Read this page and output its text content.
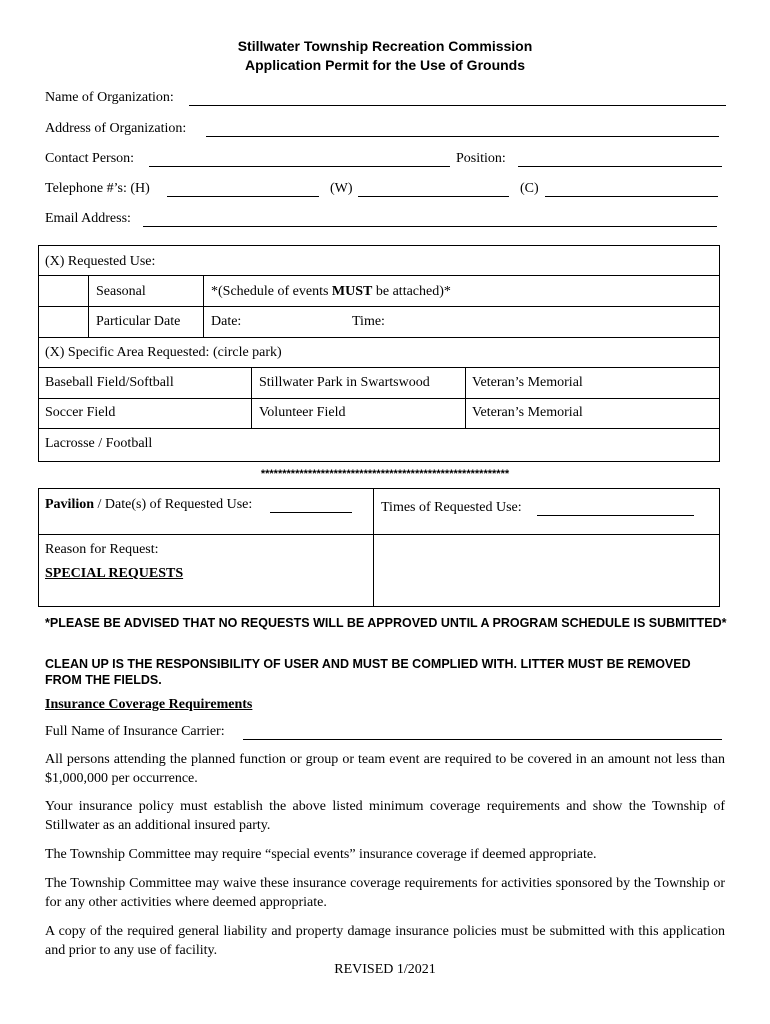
Stillwater Township Recreation Commission
Application Permit for the Use of Grounds
Name of Organization:
Address of Organization:
Contact Person:	Position:
Telephone #’s: (H)	(W)	(C)
Email Address:
(X) Requested Use:
Seasonal	*(Schedule of events MUST be attached)*
Particular Date Date:	Time:
(X) Specific Area Requested: (circle park)
Baseball Field/Softball	Stillwater Park in Swartswood	Veteran’s Memorial
Soccer Field	Volunteer Field	Veteran’s Memorial
Lacrosse / Football
**********************************************************
Pavilion / Date(s) of Requested Use:	Times of Requested Use:
Reason for Request:
SPECIAL REQUESTS
*PLEASE BE ADVISED THAT NO REQUESTS WILL BE APPROVED UNTIL A PROGRAM SCHEDULE IS SUBMITTED*
CLEAN UP IS THE RESPONSIBILITY OF USER AND MUST BE COMPLIED WITH. LITTER MUST BE REMOVED FROM THE FIELDS.
Insurance Coverage Requirements
Full Name of Insurance Carrier:
All persons attending the planned function or group or team event are required to be covered in an amount not less than $1,000,000 per occurrence.
Your insurance policy must establish the above listed minimum coverage requirements and show the Township of Stillwater as an additional insured party.
The Township Committee may require “special events” insurance coverage if deemed appropriate.
The Township Committee may waive these insurance coverage requirements for activities sponsored by the Township or for any other activities where deemed appropriate.
A copy of the required general liability and property damage insurance policies must be submitted with this application and prior to any use of facility.
REVISED 1/2021
